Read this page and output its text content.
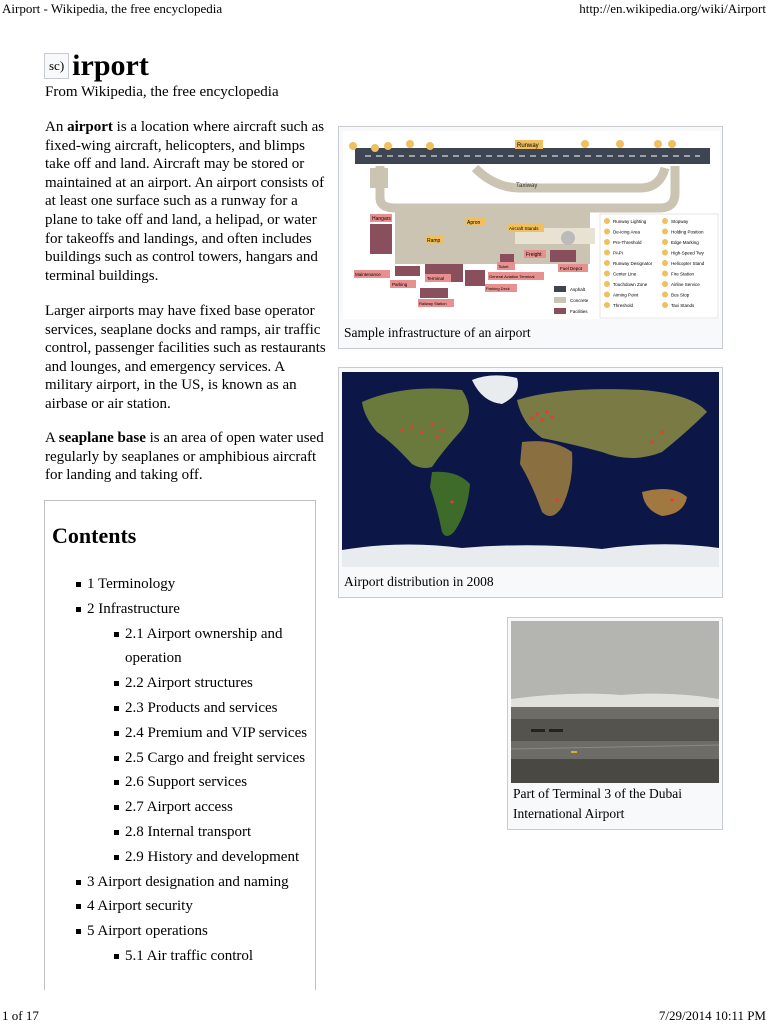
Airport - Wikipedia, the free encyclopedia	http://en.wikipedia.org/wiki/Airport
1 of 17	7/29/2014 10:11 PM
sc) irport
From Wikipedia, the free encyclopedia

An airport is a location where aircraft such as fixed-wing aircraft, helicopters, and blimps take off and land. Aircraft may be stored or maintained at an airport. An airport consists of at least one surface such as a runway for a plane to take off and land, a helipad, or water for takeoffs and landings, and often includes buildings such as control towers, hangars and terminal buildings.

Larger airports may have fixed base operator services, seaplane docks and ramps, air traffic control, passenger facilities such as restaurants and lounges, and emergency services. A military airport, in the US, is known as an airbase or air station.

A seaplane base is an area of open water used regularly by seaplanes or amphibious aircraft for landing and taking off.

Contents
1 Terminology
2 Infrastructure
2.1 Airport ownership and
operation
2.2 Airport structures
2.3 Products and services
2.4 Premium and VIP services
2.5 Cargo and freight services
2.6 Support services
2.7 Airport access
2.8 Internal transport
2.9 History and development
3 Airport designation and naming
4 Airport security
5 Airport operations
5.1 Air traffic control
Runway
Taxiway
Hangars
Ramp
Apron
Aircraft Stands
Freight
Fuel Depot
Maintenance
Parking
Terminal	General Aviation Terminal
Parking Deck
Railway Station
Ticket
Runway Lighting
De-icing Area
Pre-Threshold
PAPI
Runway Designator
Center Line
Touchdown Zone
Aiming Point
Threshold
Stopway
Holding Position
Edge Marking
High-Speed Twy
Helicopter Stand
Fire Station
Airline Service
Bus Stop
Taxi Stands
Asphalt
Concrete
Facilities
Sample infrastructure of an airport
Airport distribution in 2008
Part of Terminal 3 of the Dubai
International Airport
